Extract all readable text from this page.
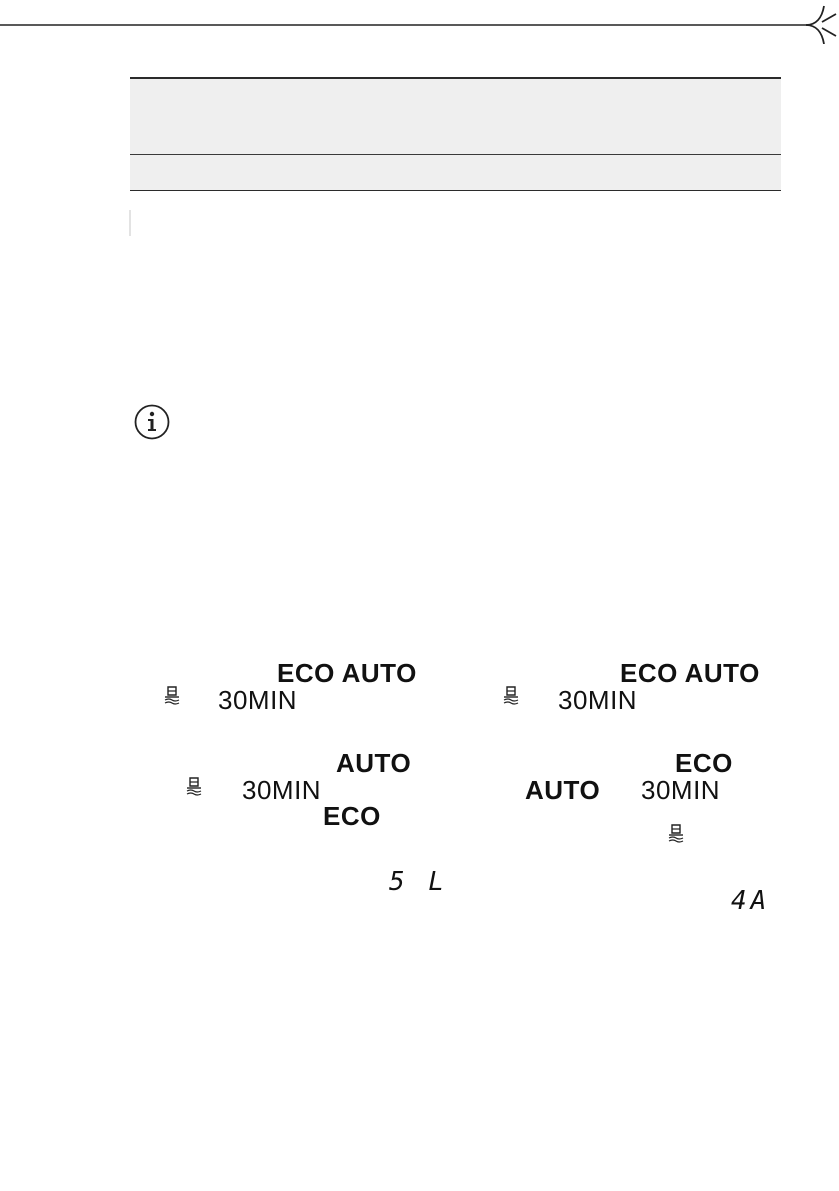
ECO AUTO
30MIN
AUTO
30MIN
ECO
5 L
ECO AUTO
30MIN
ECO
AUTO 30MIN
4A
